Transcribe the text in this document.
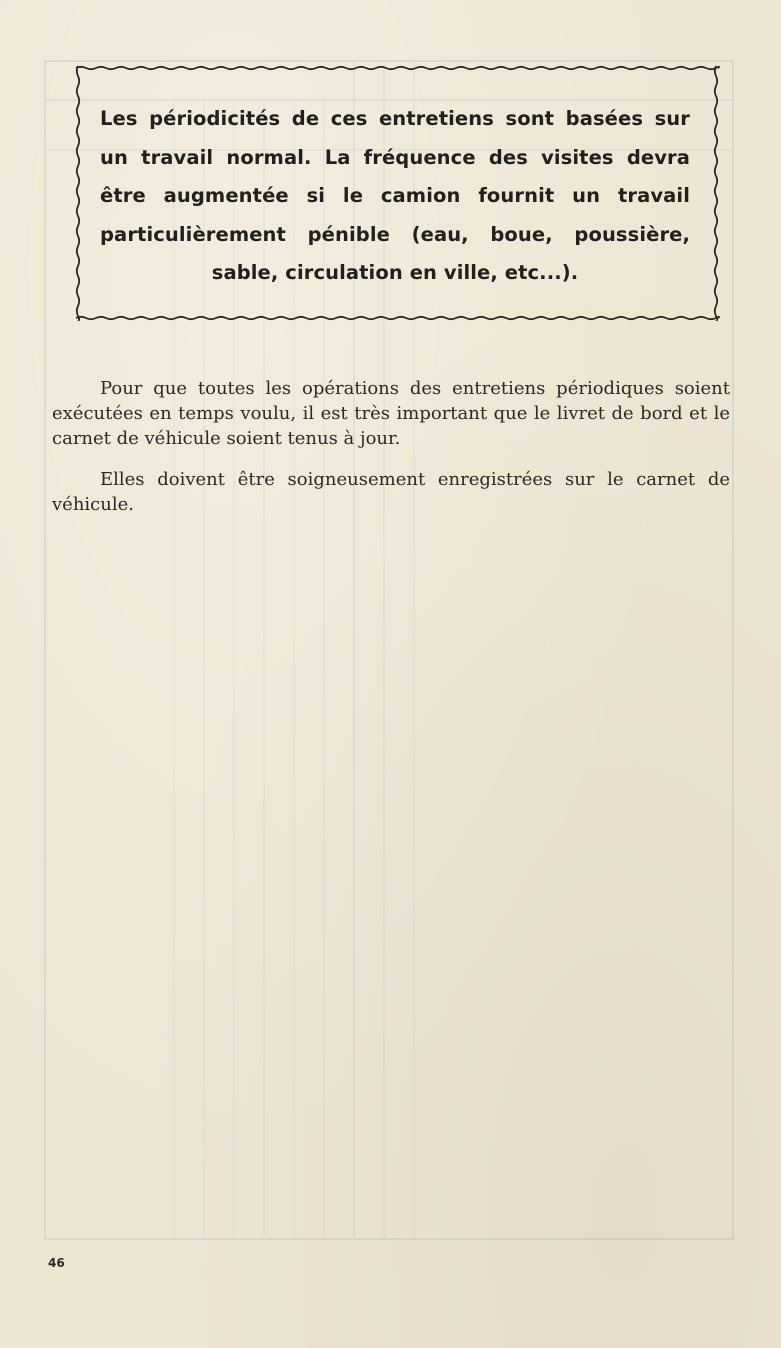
Les périodicités de ces entretiens sont basées sur un travail normal. La fréquence des visites devra être augmentée si le camion fournit un travail particulièrement pénible (eau, boue, poussière, sable, circulation en ville, etc...).

Pour que toutes les opérations des entretiens périodiques soient exécutées en temps voulu, il est très important que le livret de bord et le carnet de véhicule soient tenus à jour.

Elles doivent être soigneusement enregistrées sur le carnet de véhicule.

46
